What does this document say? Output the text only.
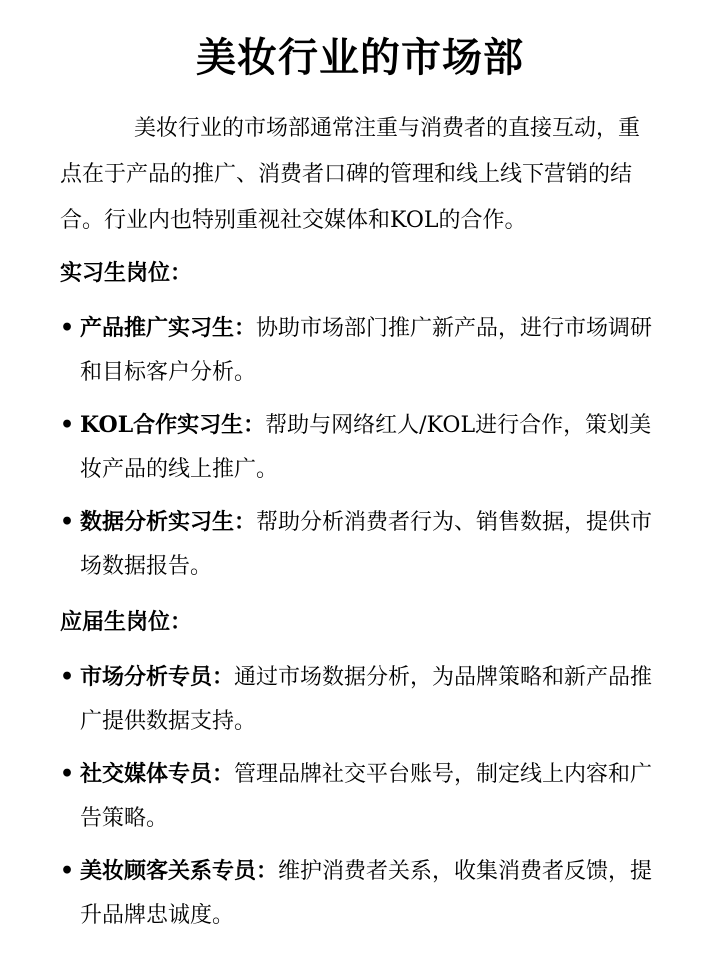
美妆行业的市场部

美妆行业的市场部通常注重与消费者的直接互动，重点在于产品的推广、消费者口碑的管理和线上线下营销的结合。行业内也特别重视社交媒体和KOL的合作。

实习生岗位：
• 产品推广实习生：协助市场部门推广新产品，进行市场调研和目标客户分析。
• KOL合作实习生：帮助与网络红人/KOL进行合作，策划美妆产品的线上推广。
• 数据分析实习生：帮助分析消费者行为、销售数据，提供市场数据报告。
应届生岗位：
• 市场分析专员：通过市场数据分析，为品牌策略和新产品推广提供数据支持。
• 社交媒体专员：管理品牌社交平台账号，制定线上内容和广告策略。
• 美妆顾客关系专员：维护消费者关系，收集消费者反馈，提升品牌忠诚度。
